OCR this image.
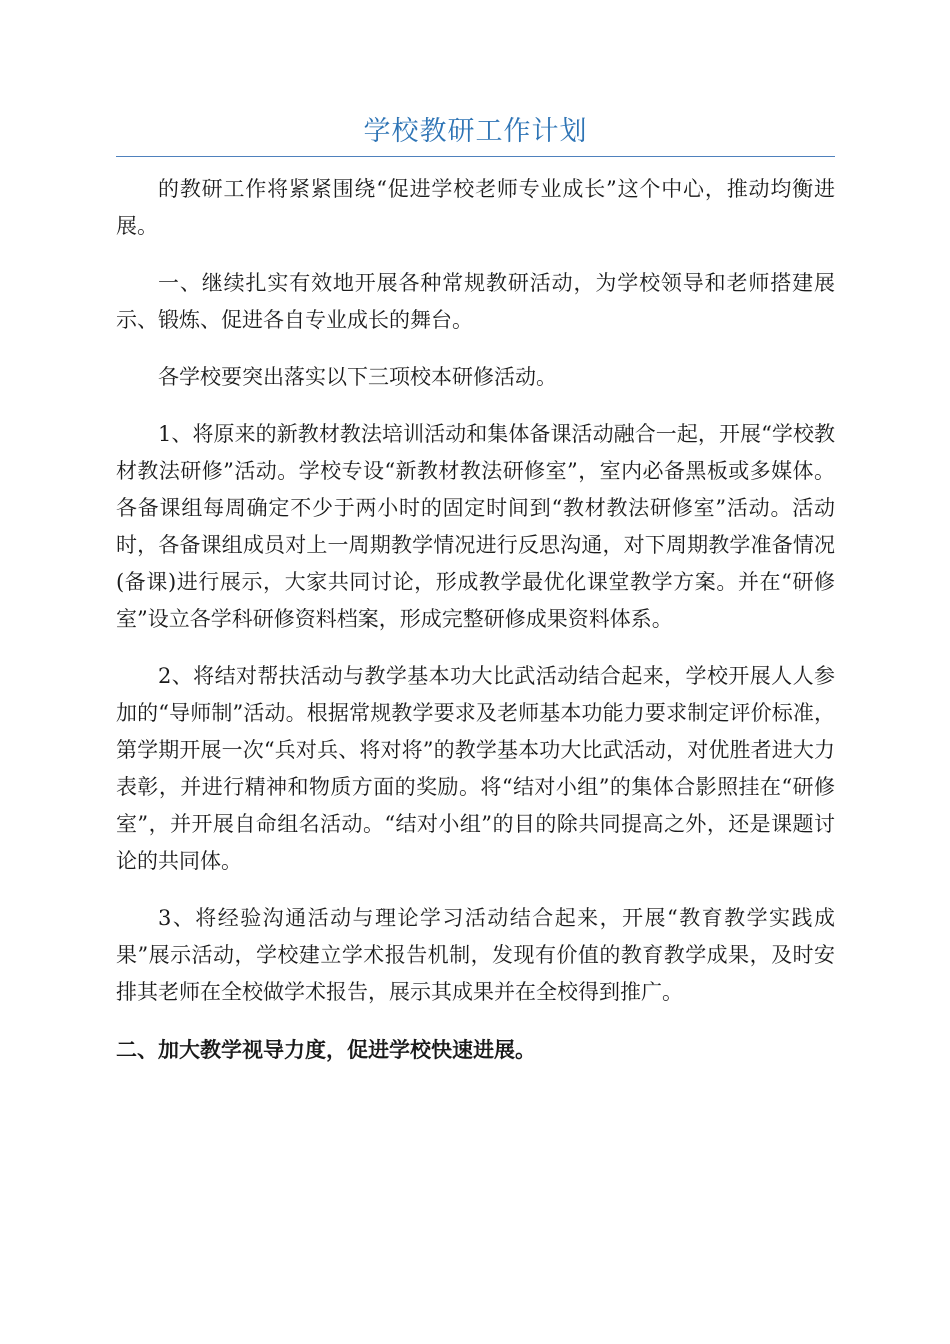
学校教研工作计划

的教研工作将紧紧围绕“促进学校老师专业成长”这个中心，推动均衡进展。

一、继续扎实有效地开展各种常规教研活动，为学校领导和老师搭建展示、锻炼、促进各自专业成长的舞台。

各学校要突出落实以下三项校本研修活动。

1、将原来的新教材教法培训活动和集体备课活动融合一起，开展“学校教材教法研修”活动。学校专设“新教材教法研修室”，室内必备黑板或多媒体。各备课组每周确定不少于两小时的固定时间到“教材教法研修室”活动。活动时，各备课组成员对上一周期教学情况进行反思沟通，对下周期教学准备情况(备课)进行展示，大家共同讨论，形成教学最优化课堂教学方案。并在“研修室”设立各学科研修资料档案，形成完整研修成果资料体系。

2、将结对帮扶活动与教学基本功大比武活动结合起来，学校开展人人参加的“导师制”活动。根据常规教学要求及老师基本功能力要求制定评价标准，第学期开展一次“兵对兵、将对将”的教学基本功大比武活动，对优胜者进大力表彰，并进行精神和物质方面的奖励。将“结对小组”的集体合影照挂在“研修室”，并开展自命组名活动。“结对小组”的目的除共同提高之外，还是课题讨论的共同体。

3、将经验沟通活动与理论学习活动结合起来，开展“教育教学实践成果”展示活动，学校建立学术报告机制，发现有价值的教育教学成果，及时安排其老师在全校做学术报告，展示其成果并在全校得到推广。

二、加大教学视导力度，促进学校快速进展。
